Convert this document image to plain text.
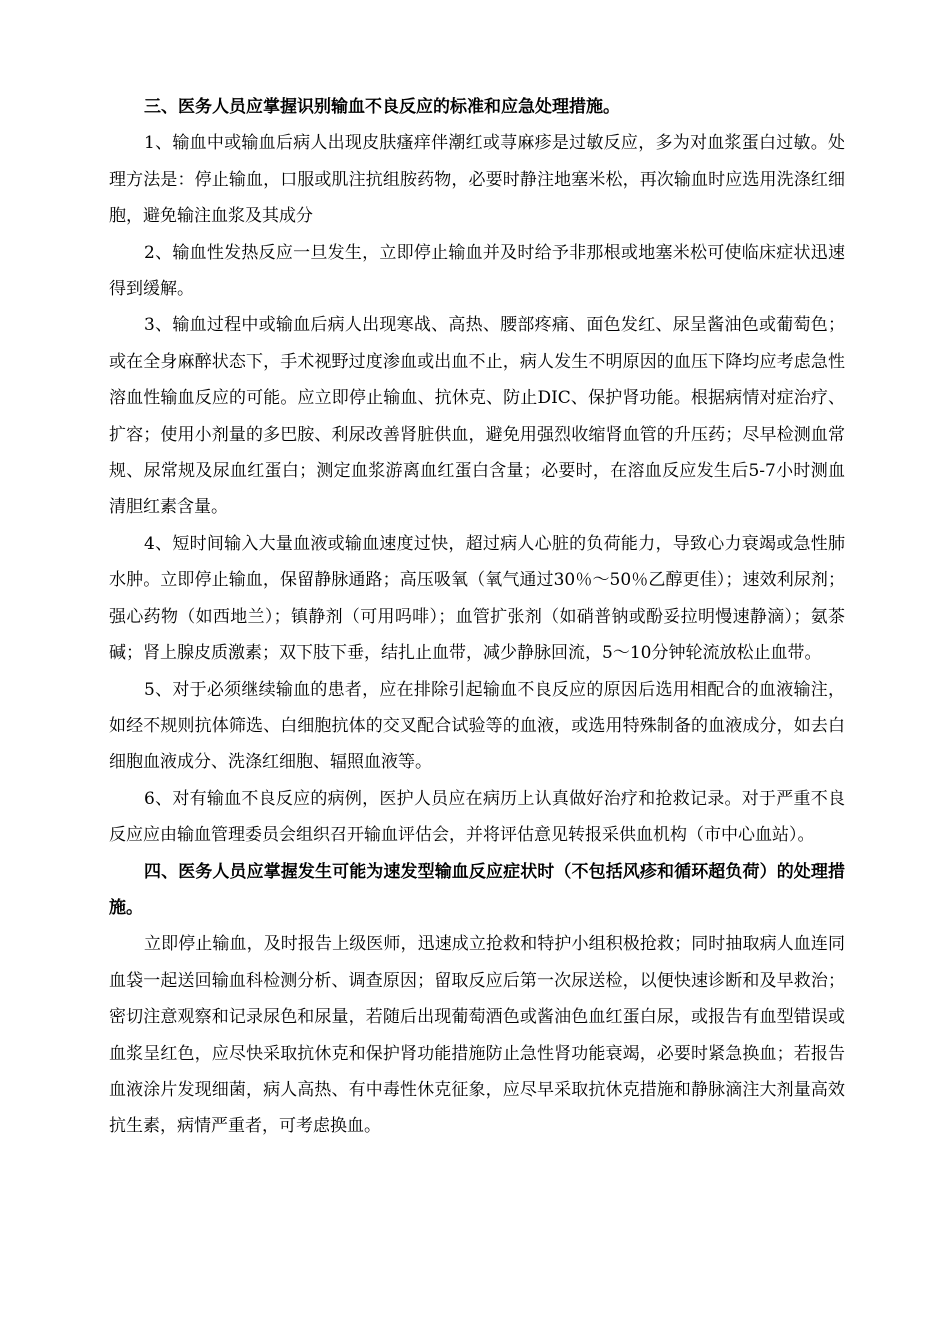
三、医务人员应掌握识别输血不良反应的标准和应急处理措施。

1、输血中或输血后病人出现皮肤瘙痒伴潮红或荨麻疹是过敏反应，多为对血浆蛋白过敏。处理方法是：停止输血，口服或肌注抗组胺药物，必要时静注地塞米松，再次输血时应选用洗涤红细胞，避免输注血浆及其成分

2、输血性发热反应一旦发生，立即停止输血并及时给予非那根或地塞米松可使临床症状迅速得到缓解。

3、输血过程中或输血后病人出现寒战、高热、腰部疼痛、面色发红、尿呈酱油色或葡萄色；或在全身麻醉状态下，手术视野过度渗血或出血不止，病人发生不明原因的血压下降均应考虑急性溶血性输血反应的可能。应立即停止输血、抗休克、防止DIC、保护肾功能。根据病情对症治疗、扩容；使用小剂量的多巴胺、利尿改善肾脏供血，避免用强烈收缩肾血管的升压药；尽早检测血常规、尿常规及尿血红蛋白；测定血浆游离血红蛋白含量；必要时，在溶血反应发生后5-7小时测血清胆红素含量。

4、短时间输入大量血液或输血速度过快，超过病人心脏的负荷能力，导致心力衰竭或急性肺水肿。立即停止输血，保留静脉通路；高压吸氧（氧气通过30％～50％乙醇更佳）；速效利尿剂；强心药物（如西地兰）；镇静剂（可用吗啡）；血管扩张剂（如硝普钠或酚妥拉明慢速静滴）；氨茶碱；肾上腺皮质激素；双下肢下垂，结扎止血带，减少静脉回流，5～10分钟轮流放松止血带。

5、对于必须继续输血的患者，应在排除引起输血不良反应的原因后选用相配合的血液输注，如经不规则抗体筛选、白细胞抗体的交叉配合试验等的血液，或选用特殊制备的血液成分，如去白细胞血液成分、洗涤红细胞、辐照血液等。

6、对有输血不良反应的病例，医护人员应在病历上认真做好治疗和抢救记录。对于严重不良反应应由输血管理委员会组织召开输血评估会，并将评估意见转报采供血机构（市中心血站）。

四、医务人员应掌握发生可能为速发型输血反应症状时（不包括风疹和循环超负荷）的处理措施。

立即停止输血，及时报告上级医师，迅速成立抢救和特护小组积极抢救；同时抽取病人血连同血袋一起送回输血科检测分析、调查原因；留取反应后第一次尿送检，以便快速诊断和及早救治；密切注意观察和记录尿色和尿量，若随后出现葡萄酒色或酱油色血红蛋白尿，或报告有血型错误或血浆呈红色，应尽快采取抗休克和保护肾功能措施防止急性肾功能衰竭，必要时紧急换血；若报告血液涂片发现细菌，病人高热、有中毒性休克征象，应尽早采取抗休克措施和静脉滴注大剂量高效抗生素，病情严重者，可考虑换血。
